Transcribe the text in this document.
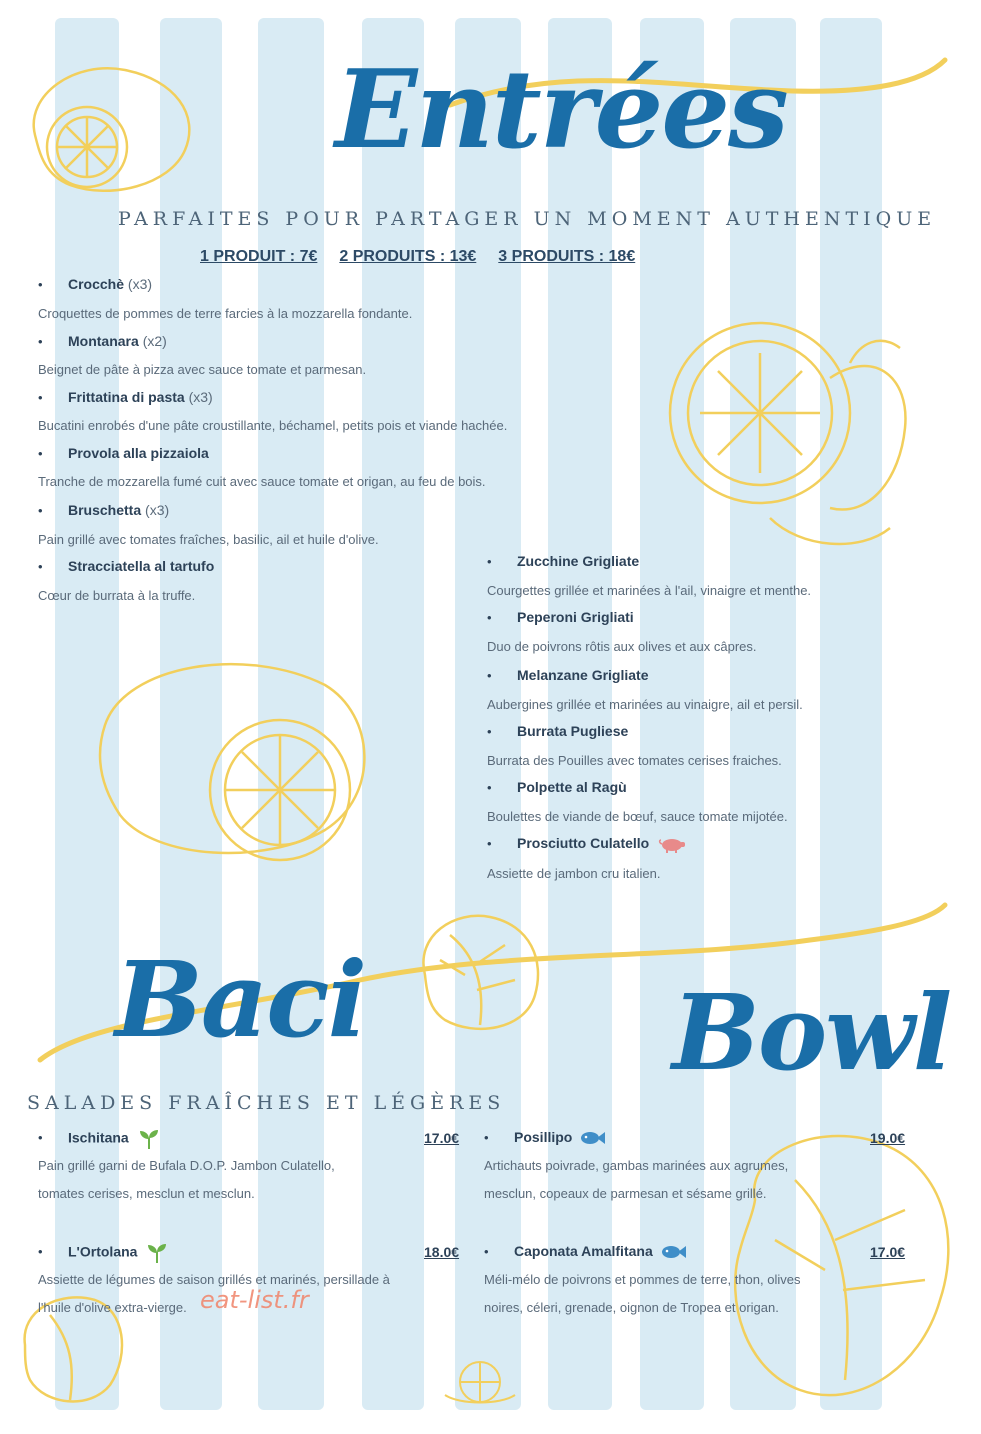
Entrées
PARFAITES POUR PARTAGER UN MOMENT AUTHENTIQUE
1 PRODUIT : 7€ 2 PRODUITS : 13€ 3 PRODUITS : 18€
• Crocchè (x3)
Croquettes de pommes de terre farcies à la mozzarella fondante.
• Montanara (x2)
Beignet de pâte à pizza avec sauce tomate et parmesan.
• Frittatina di pasta (x3)
Bucatini enrobés d'une pâte croustillante, béchamel, petits pois et viande hachée.
• Provola alla pizzaiola
Tranche de mozzarella fumé cuit avec sauce tomate et origan, au feu de bois.
• Bruschetta (x3)
Pain grillé avec tomates fraîches, basilic, ail et huile d'olive.
• Stracciatella al tartufo
Cœur de burrata à la truffe.
• Zucchine Grigliate
Courgettes grillée et marinées à l'ail, vinaigre et menthe.
• Peperoni Grigliati
Duo de poivrons rôtis aux olives et aux câpres.
• Melanzane Grigliate
Aubergines grillée et marinées au vinaigre, ail et persil.
• Burrata Pugliese
Burrata des Pouilles avec tomates cerises fraiches.
• Polpette al Ragù
Boulettes de viande de bœuf, sauce tomate mijotée.
• Prosciutto Culatello
Assiette de jambon cru italien.
Baci	Bowl
SALADES FRAÎCHES ET LÉGÈRES
• Ischitana	17.0€
Pain grillé garni de Bufala D.O.P. Jambon Culatello,
tomates cerises, mesclun et mesclun.
• L'Ortolana	18.0€
Assiette de légumes de saison grillés et marinés, persillade à
l'huile d'olive extra-vierge.
• Posillipo	19.0€
Artichauts poivrade, gambas marinées aux agrumes,
mesclun, copeaux de parmesan et sésame grillé.
• Caponata Amalfitana	17.0€
Méli-mélo de poivrons et pommes de terre, thon, olives
noires, céleri, grenade, oignon de Tropea et origan.
eat-list.fr
